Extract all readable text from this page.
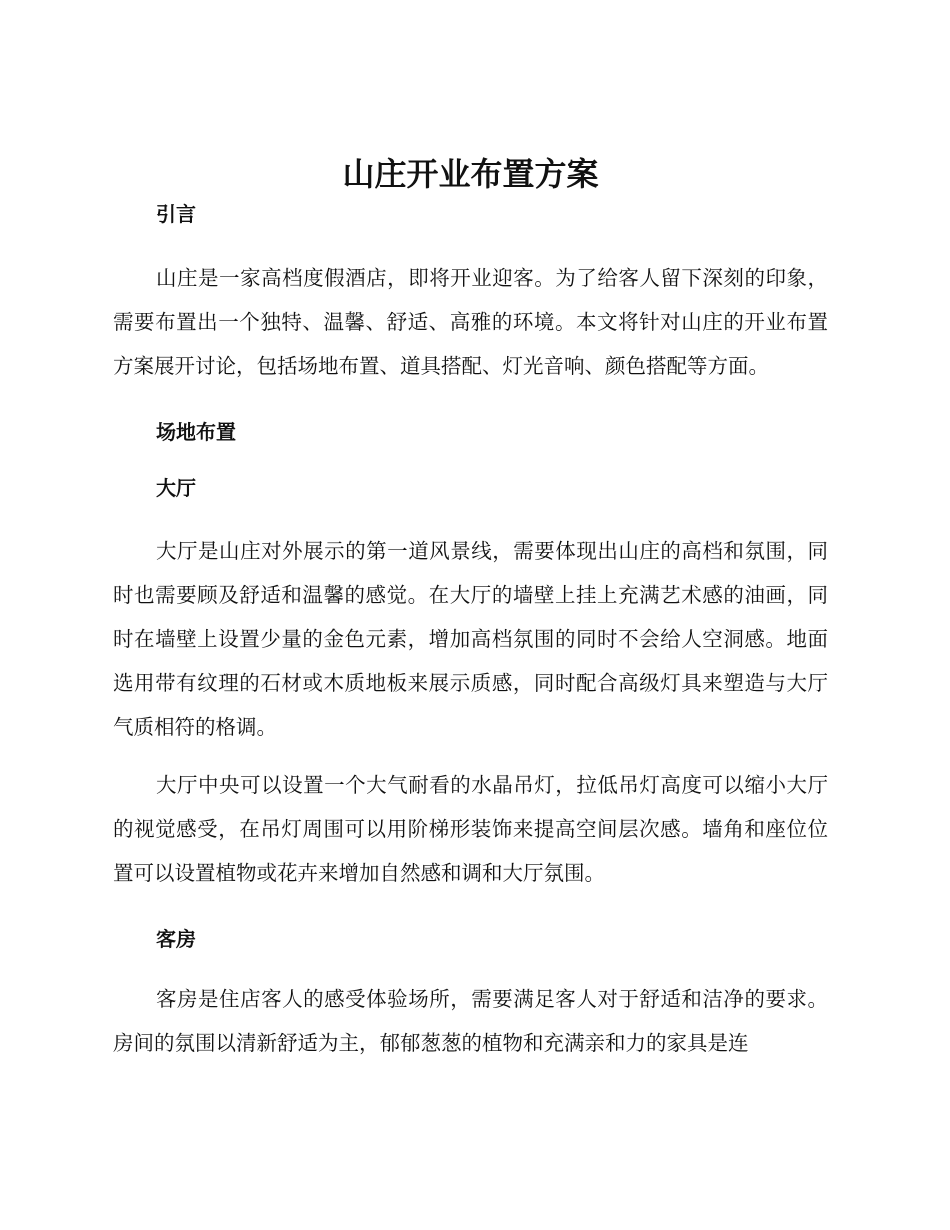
山庄开业布置方案
引言

山庄是一家高档度假酒店，即将开业迎客。为了给客人留下深刻的印象，需要布置出一个独特、温馨、舒适、高雅的环境。本文将针对山庄的开业布置方案展开讨论，包括场地布置、道具搭配、灯光音响、颜色搭配等方面。

场地布置
大厅

大厅是山庄对外展示的第一道风景线，需要体现出山庄的高档和氛围，同时也需要顾及舒适和温馨的感觉。在大厅的墙壁上挂上充满艺术感的油画，同时在墙壁上设置少量的金色元素，增加高档氛围的同时不会给人空洞感。地面选用带有纹理的石材或木质地板来展示质感，同时配合高级灯具来塑造与大厅气质相符的格调。

大厅中央可以设置一个大气耐看的水晶吊灯，拉低吊灯高度可以缩小大厅的视觉感受，在吊灯周围可以用阶梯形装饰来提高空间层次感。墙角和座位位置可以设置植物或花卉来增加自然感和调和大厅氛围。

客房

客房是住店客人的感受体验场所，需要满足客人对于舒适和洁净的要求。房间的氛围以清新舒适为主，郁郁葱葱的植物和充满亲和力的家具是连
